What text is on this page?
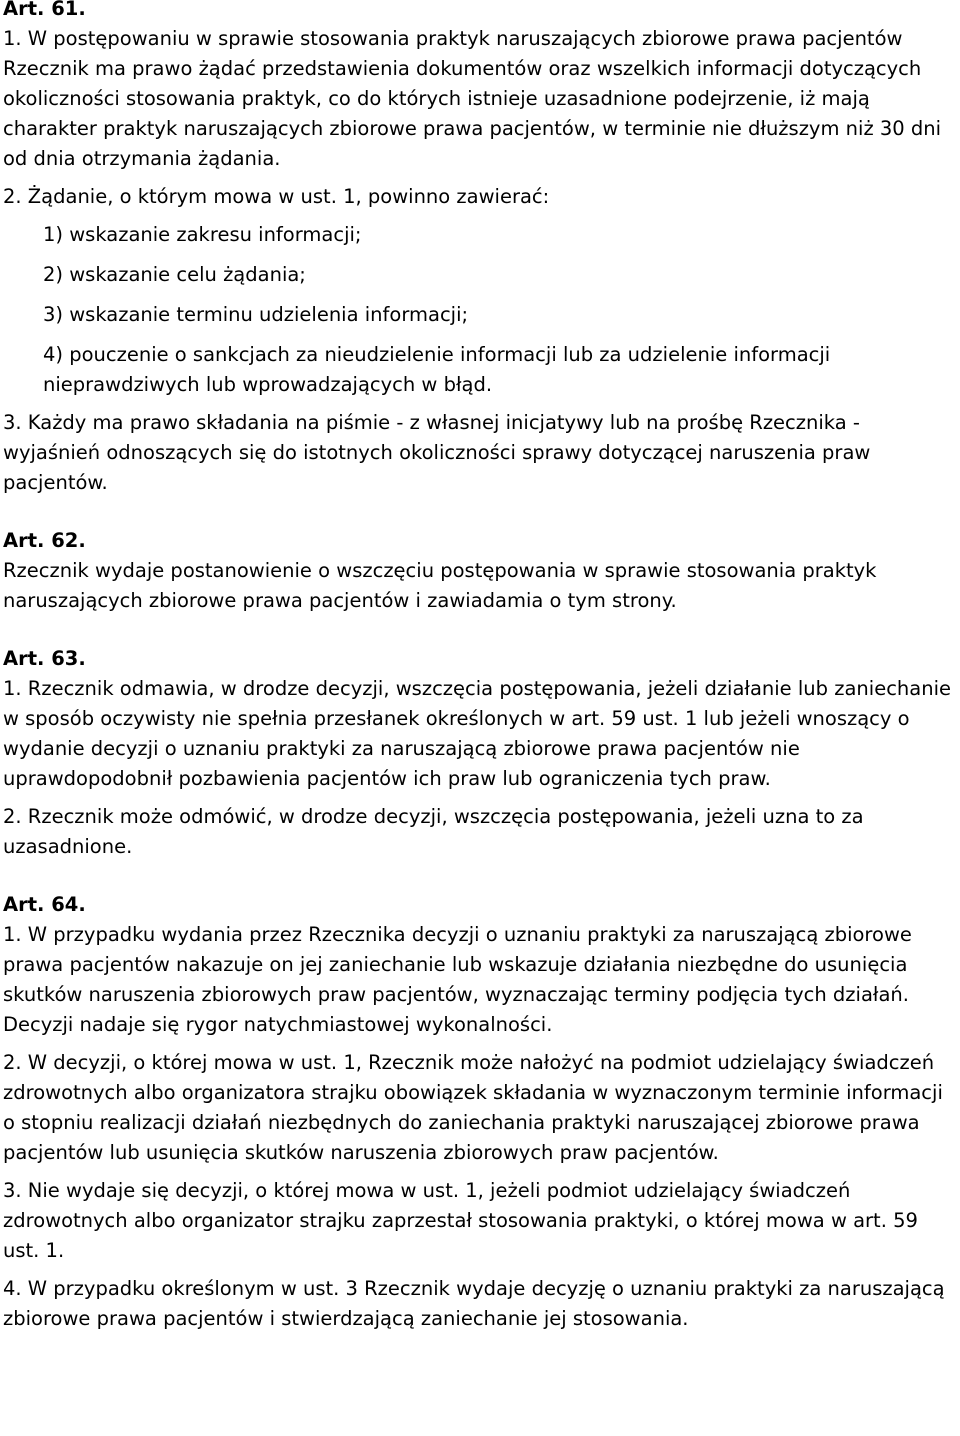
Art. 61.

1. W postępowaniu w sprawie stosowania praktyk naruszających zbiorowe prawa pacjentów Rzecznik ma prawo żądać przedstawienia dokumentów oraz wszelkich informacji dotyczących okoliczności stosowania praktyk, co do których istnieje uzasadnione podejrzenie, iż mają charakter praktyk naruszających zbiorowe prawa pacjentów, w terminie nie dłuższym niż 30 dni od dnia otrzymania żądania.

2. Żądanie, o którym mowa w ust. 1, powinno zawierać:

1) wskazanie zakresu informacji;

2) wskazanie celu żądania;

3) wskazanie terminu udzielenia informacji;

4) pouczenie o sankcjach za nieudzielenie informacji lub za udzielenie informacji nieprawdziwych lub wprowadzających w błąd.

3. Każdy ma prawo składania na piśmie - z własnej inicjatywy lub na prośbę Rzecznika - wyjaśnień odnoszących się do istotnych okoliczności sprawy dotyczącej naruszenia praw pacjentów.

Art. 62.

Rzecznik wydaje postanowienie o wszczęciu postępowania w sprawie stosowania praktyk naruszających zbiorowe prawa pacjentów i zawiadamia o tym strony.

Art. 63.

1. Rzecznik odmawia, w drodze decyzji, wszczęcia postępowania, jeżeli działanie lub zaniechanie w sposób oczywisty nie spełnia przesłanek określonych w art. 59 ust. 1 lub jeżeli wnoszący o wydanie decyzji o uznaniu praktyki za naruszającą zbiorowe prawa pacjentów nie uprawdopodobnił pozbawienia pacjentów ich praw lub ograniczenia tych praw.

2. Rzecznik może odmówić, w drodze decyzji, wszczęcia postępowania, jeżeli uzna to za uzasadnione.

Art. 64.

1. W przypadku wydania przez Rzecznika decyzji o uznaniu praktyki za naruszającą zbiorowe prawa pacjentów nakazuje on jej zaniechanie lub wskazuje działania niezbędne do usunięcia skutków naruszenia zbiorowych praw pacjentów, wyznaczając terminy podjęcia tych działań. Decyzji nadaje się rygor natychmiastowej wykonalności.

2. W decyzji, o której mowa w ust. 1, Rzecznik może nałożyć na podmiot udzielający świadczeń zdrowotnych albo organizatora strajku obowiązek składania w wyznaczonym terminie informacji o stopniu realizacji działań niezbędnych do zaniechania praktyki naruszającej zbiorowe prawa pacjentów lub usunięcia skutków naruszenia zbiorowych praw pacjentów.

3. Nie wydaje się decyzji, o której mowa w ust. 1, jeżeli podmiot udzielający świadczeń zdrowotnych albo organizator strajku zaprzestał stosowania praktyki, o której mowa w art. 59 ust. 1.

4. W przypadku określonym w ust. 3 Rzecznik wydaje decyzję o uznaniu praktyki za naruszającą zbiorowe prawa pacjentów i stwierdzającą zaniechanie jej stosowania.
